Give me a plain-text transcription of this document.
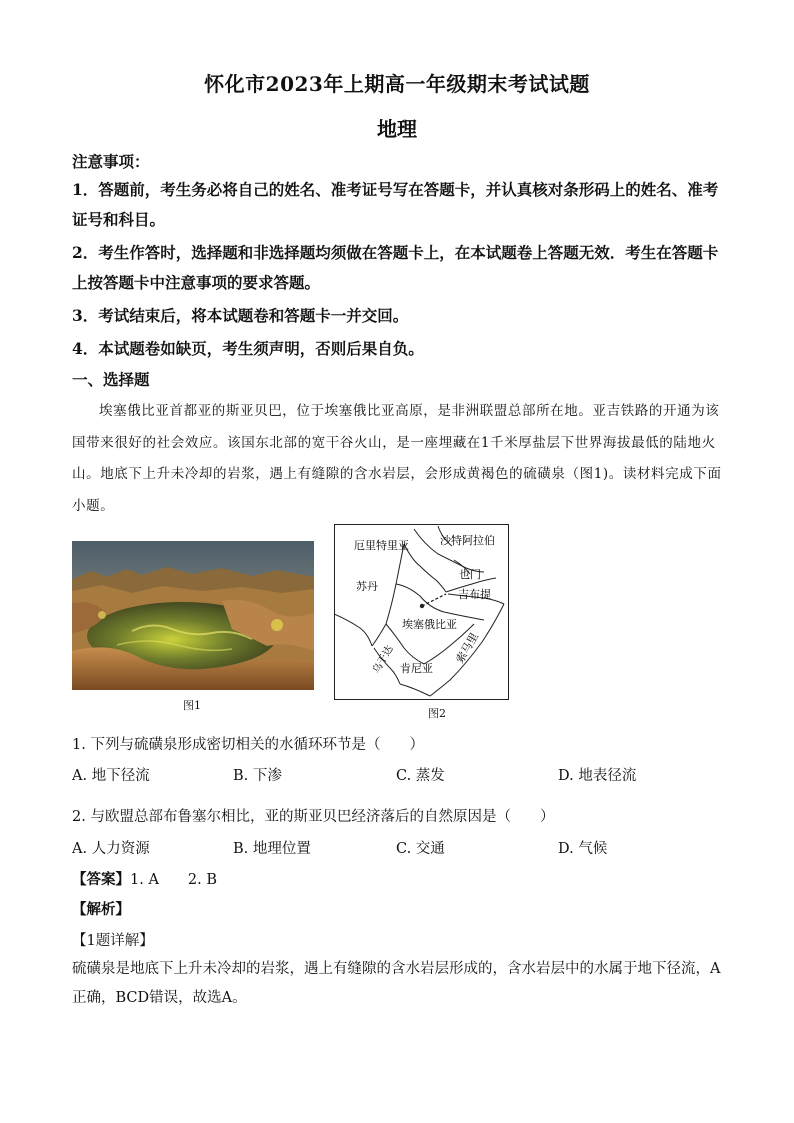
怀化市2023年上期高一年级期末考试试题
地理
注意事项：
1．答题前，考生务必将自己的姓名、准考证号写在答题卡，并认真核对条形码上的姓名、准考证号和科目。
2．考生作答时，选择题和非选择题均须做在答题卡上，在本试题卷上答题无效．考生在答题卡上按答题卡中注意事项的要求答题。
3．考试结束后，将本试题卷和答题卡一并交回。
4．本试题卷如缺页，考生须声明，否则后果自负。
一、选择题
埃塞俄比亚首都亚的斯亚贝巴，位于埃塞俄比亚高原，是非洲联盟总部所在地。亚吉铁路的开通为该国带来很好的社会效应。该国东北部的宽干谷火山，是一座埋藏在1千米厚盐层下世界海拔最低的陆地火山。地底下上升未冷却的岩浆，遇上有缝隙的含水岩层，会形成黄褐色的硫磺泉（图1)。读材料完成下面小题。
厄里特里亚	沙特阿拉伯
也门
吉布提
苏丹
埃塞俄比亚
索马里
乌干达 肯尼亚
图1
图2
1. 下列与硫磺泉形成密切相关的水循环环节是（　　）
A. 地下径流	B. 下渗	C. 蒸发	D. 地表径流
2. 与欧盟总部布鲁塞尔相比，亚的斯亚贝巴经济落后的自然原因是（　　）
A. 人力资源	B. 地理位置	C. 交通	D. 气候
【答案】1. A　　2. B
【解析】
【1题详解】
硫磺泉是地底下上升未冷却的岩浆，遇上有缝隙的含水岩层形成的，含水岩层中的水属于地下径流，A正确，BCD错误，故选A。
